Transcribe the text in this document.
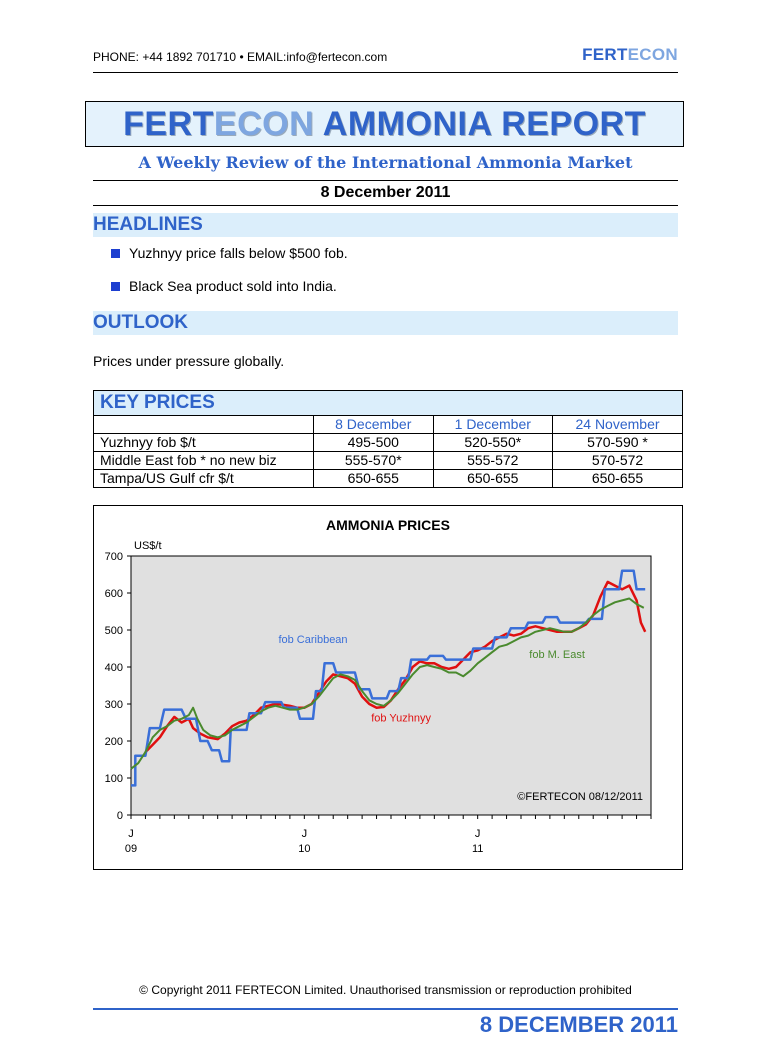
PHONE: +44 1892 701710 • EMAIL:info@fertecon.com	FERTECON
FERTECON AMMONIA REPORT
A Weekly Review of the International Ammonia Market
8 December 2011
HEADLINES
Yuzhnyy price falls below $500 fob.
Black Sea product sold into India.
OUTLOOK
Prices under pressure globally.
KEY PRICES			
	8 December	1 December	24 November
Yuzhnyy fob $/t	495-500	520-550*	570-590 *
Middle East fob * no new biz	555-570*	555-572	570-572
Tampa/US Gulf cfr $/t	650-655	650-655	650-655
AMMONIA PRICES
0
100
200
300
400
500
600
700
US$/t
J
09
J
10
J
11
fob Caribbean
fob M. East
fob Yuzhnyy
©FERTECON 08/12/2011
© Copyright 2011 FERTECON Limited. Unauthorised transmission or reproduction prohibited
8 DECEMBER 2011
